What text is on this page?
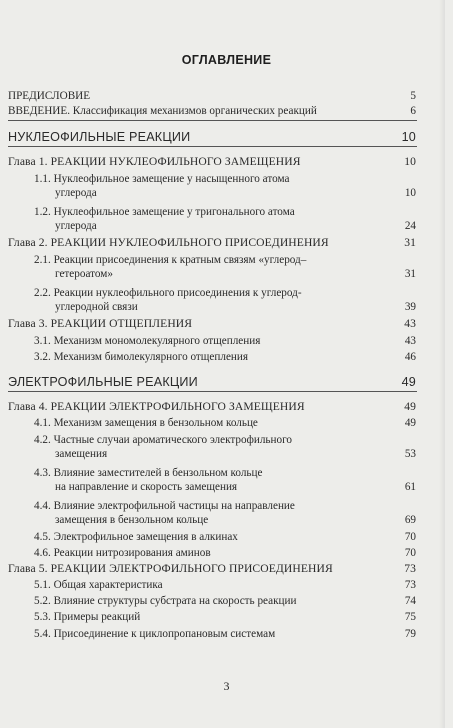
ОГЛАВЛЕНИЕ
ПРЕДИСЛОВИЕ	5
ВВЕДЕНИЕ. Классификация механизмов органических реакций	6
НУКЛЕОФИЛЬНЫЕ РЕАКЦИИ	10
Глава 1. РЕАКЦИИ НУКЛЕОФИЛЬНОГО ЗАМЕЩЕНИЯ	10
1.1. Нуклеофильное замещение у насыщенного атома
углерода	10
1.2. Нуклеофильное замещение у тригонального атома
углерода	24
Глава 2. РЕАКЦИИ НУКЛЕОФИЛЬНОГО ПРИСОЕДИНЕНИЯ	31
2.1. Реакции присоединения к кратным связям «углерод–
гетероатом»	31
2.2. Реакции нуклеофильного присоединения к углерод-
углеродной связи	39
Глава 3. РЕАКЦИИ ОТЩЕПЛЕНИЯ	43
3.1. Механизм мономолекулярного отщепления	43
3.2. Механизм бимолекулярного отщепления	46
ЭЛЕКТРОФИЛЬНЫЕ РЕАКЦИИ	49
Глава 4. РЕАКЦИИ ЭЛЕКТРОФИЛЬНОГО ЗАМЕЩЕНИЯ	49
4.1. Механизм замещения в бензольном кольце	49
4.2. Частные случаи ароматического электрофильного
замещения	53
4.3. Влияние заместителей в бензольном кольце
на направление и скорость замещения	61
4.4. Влияние электрофильной частицы на направление
замещения в бензольном кольце	69
4.5. Электрофильное замещения в алкинах	70
4.6. Реакции нитрозирования аминов	70
Глава 5. РЕАКЦИИ ЭЛЕКТРОФИЛЬНОГО ПРИСОЕДИНЕНИЯ	73
5.1. Общая характеристика	73
5.2. Влияние структуры субстрата на скорость реакции	74
5.3. Примеры реакций	75
5.4. Присоединение к циклопропановым системам	79
3
